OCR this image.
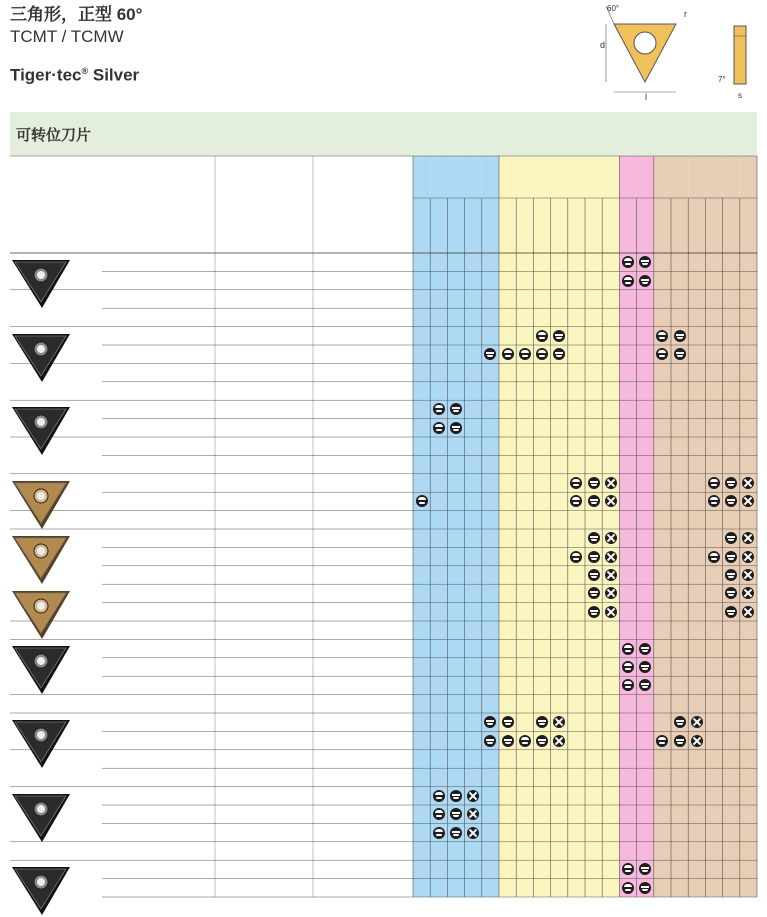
三角形，正型 60°
TCMT / TCMW
Tiger·tec® Silver
60°
r
d
l
7°
s
可转位刀片
